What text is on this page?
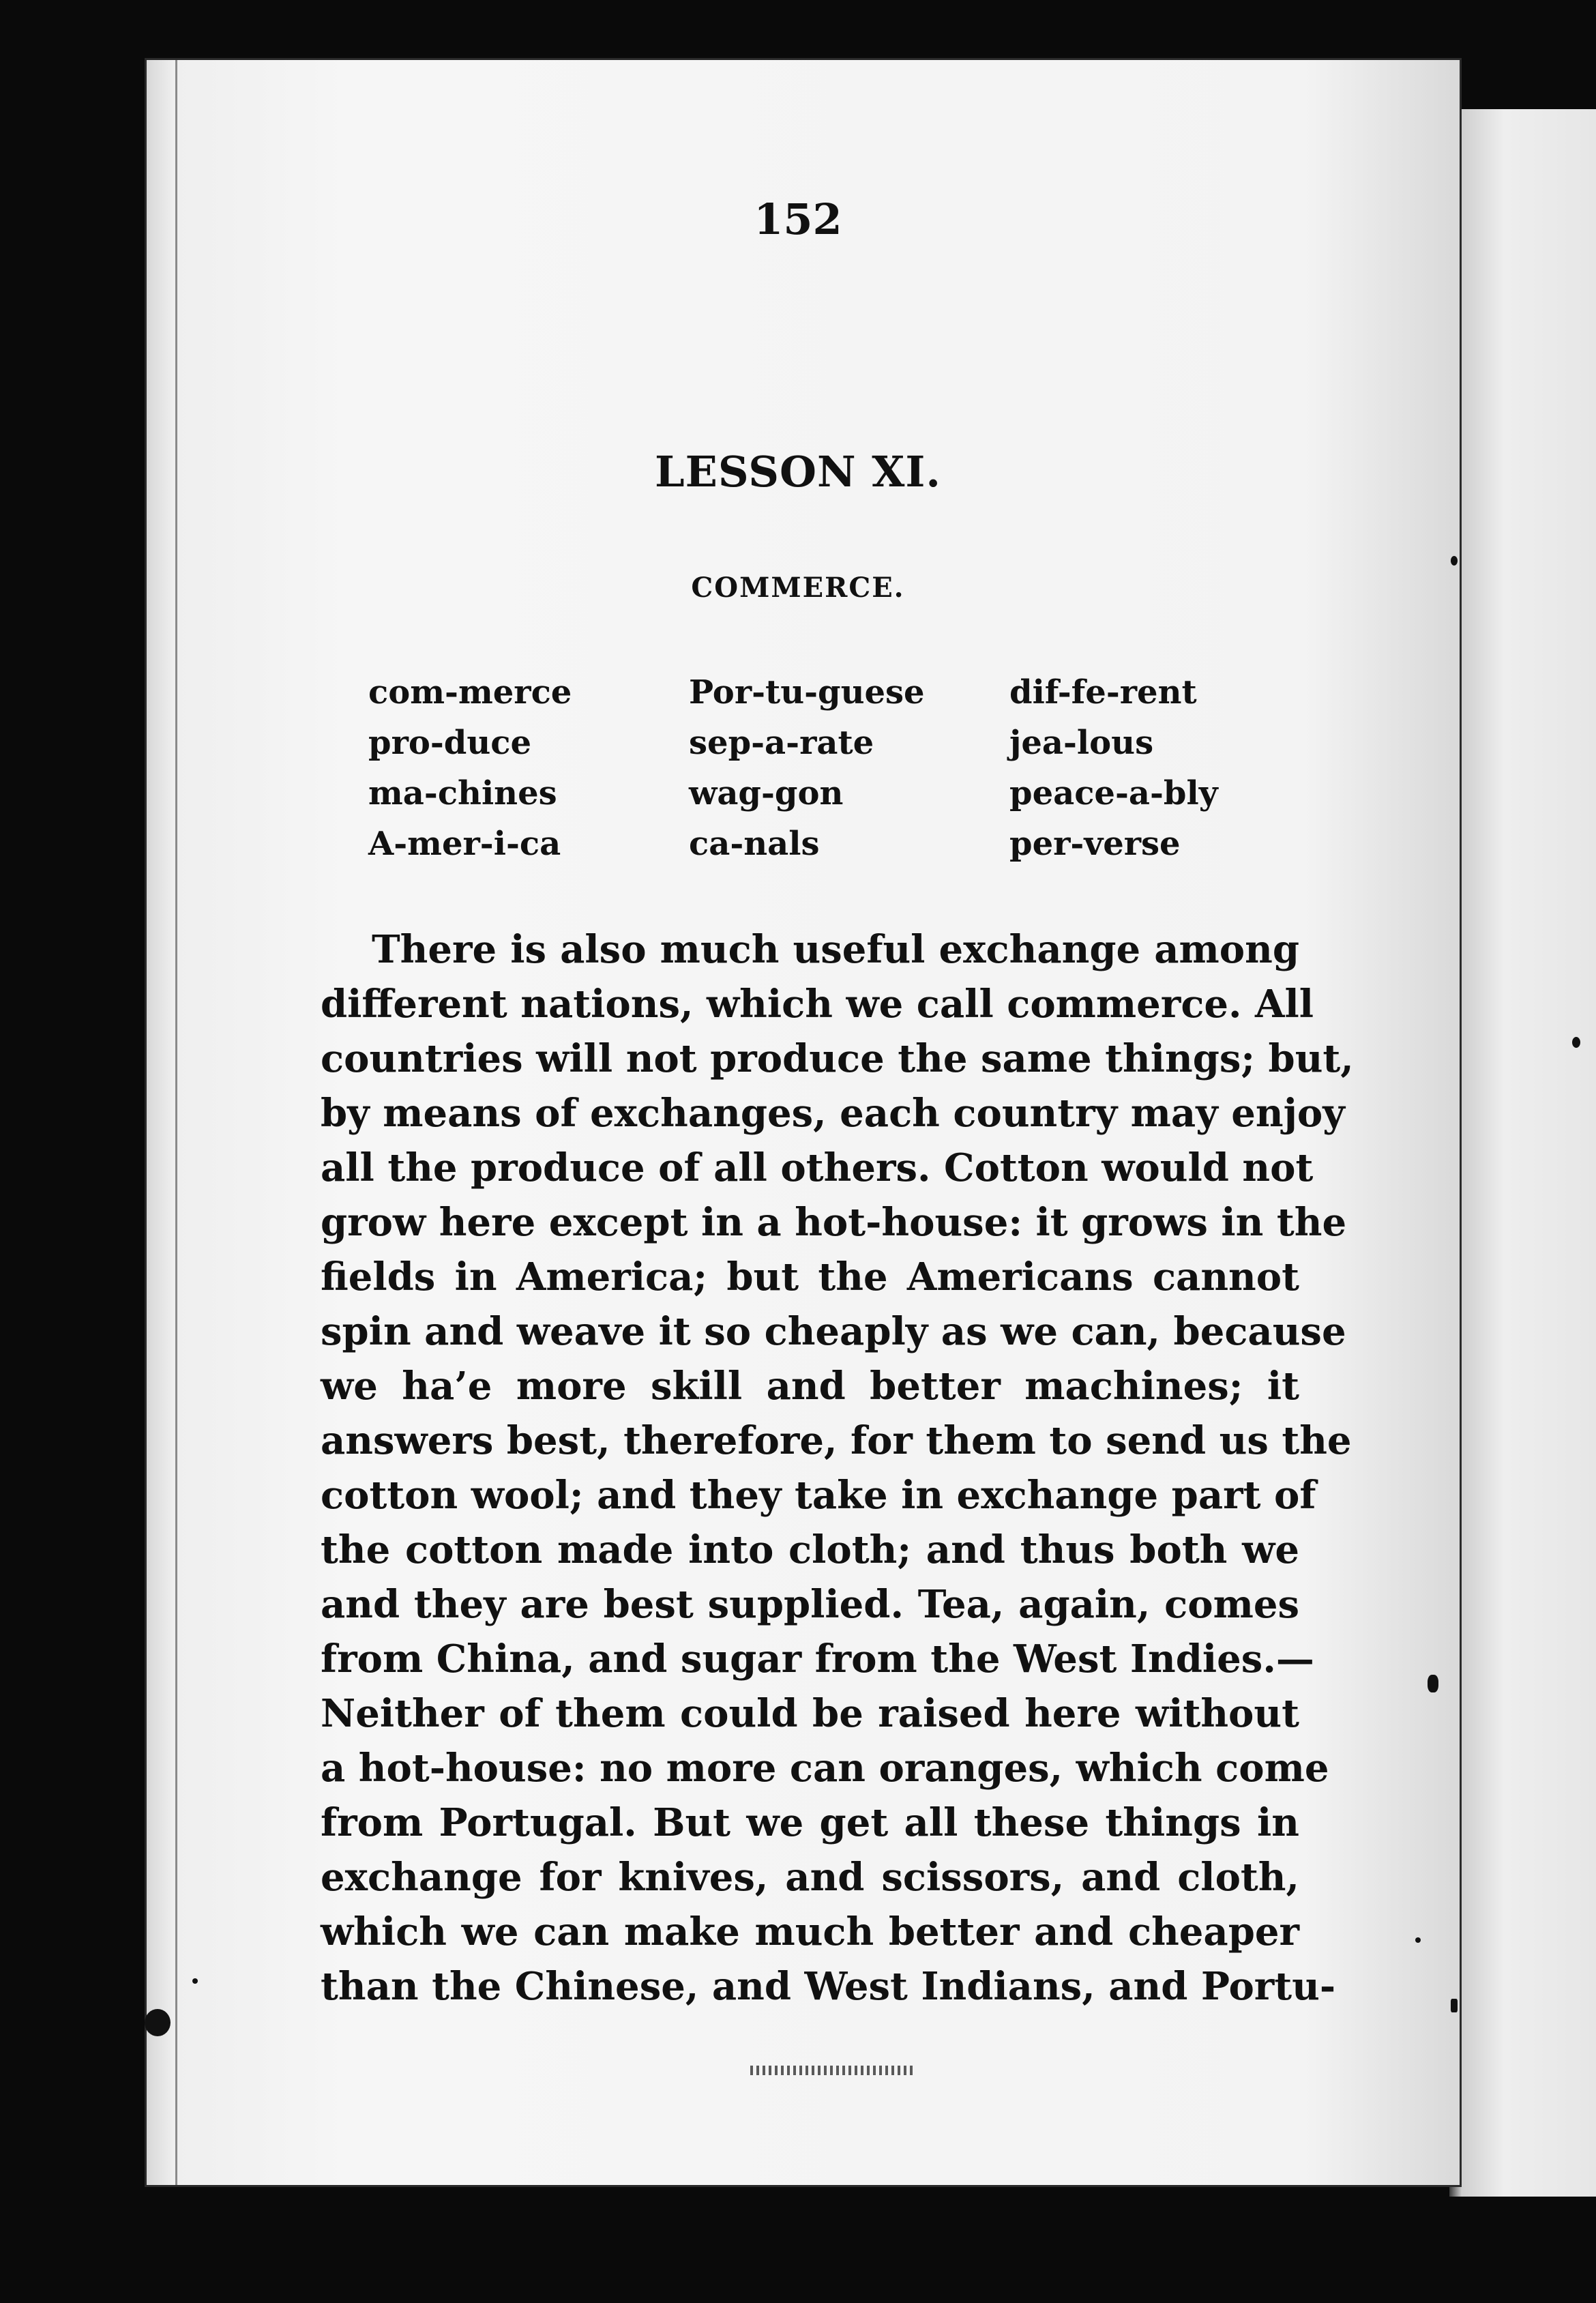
152
LESSON XI.
COMMERCE.
com-merce	Por-tu-guese	dif-fe-rent
pro-duce	sep-a-rate	jea-lous
ma-chines	wag-gon	peace-a-bly
A-mer-i-ca	ca-nals	per-verse
There is also much useful exchange among
different nations, which we call commerce. All
countries will not produce the same things; but,
by means of exchanges, each country may enjoy
all the produce of all others. Cotton would not
grow here except in a hot-house: it grows in the
fields in America; but the Americans cannot
spin and weave it so cheaply as we can, because
we ha’e more skill and better machines; it
answers best, therefore, for them to send us the
cotton wool; and they take in exchange part of
the cotton made into cloth; and thus both we
and they are best supplied. Tea, again, comes
from China, and sugar from the West Indies.—
Neither of them could be raised here without
a hot-house: no more can oranges, which come
from Portugal. But we get all these things in
exchange for knives, and scissors, and cloth,
which we can make much better and cheaper
than the Chinese, and West Indians, and Portu-
